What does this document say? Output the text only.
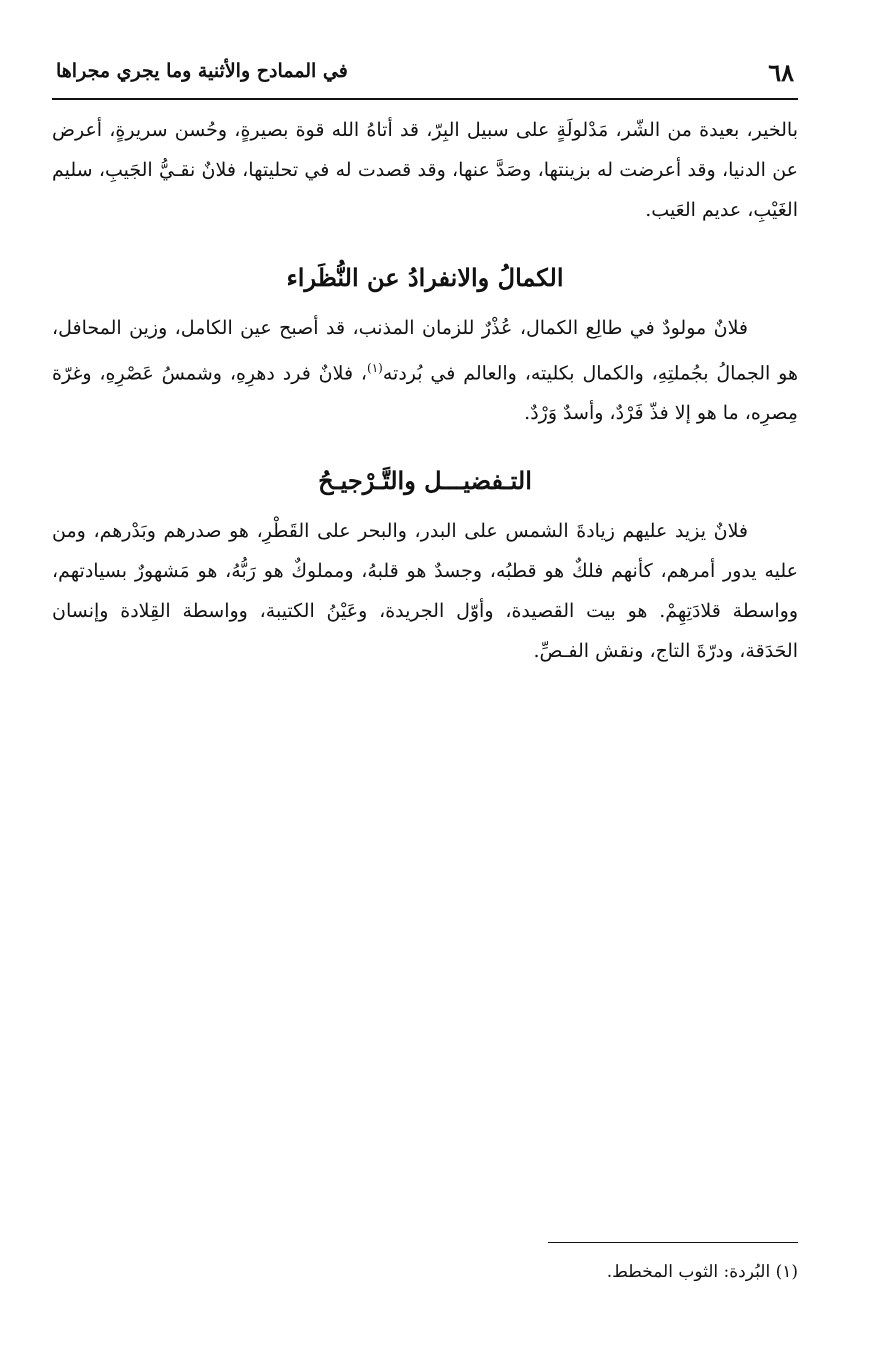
٦٨
في الممادح والأثنية وما يجري مجراها

بالخير، بعيدة من الشّر، مَدْلولَةٍ على سبيل البِرّ، قد أتاهُ الله قوة بصيرةٍ، وحُسن سريرةٍ، أعرض عن الدنيا، وقد أعرضت له بزينتها، وصَدَّ عنها، وقد قصدت له في تحليتها، فلانٌ نقـيُّ الجَيبِ، سليم الغَيْبِ، عديم العَيب.

الكمالُ والانفرادُ عن النُّظَراء

فلانٌ مولودٌ في طالِع الكمال، عُذْرٌ للزمان المذنب، قد أصبح عين الكامل، وزين المحافل، هو الجمالُ بجُملتِهِ، والكمال بكليته، والعالم في بُردته$^{(١)}$، فلانٌ فرد دهرِهِ، وشمسُ عَصْرِهِ، وغرّة مِصرِه، ما هو إلا فذّ فَرْدٌ، وأسدٌ وَرْدٌ.

التـفضيـــل والتَّـرْجيـحُ

فلانٌ يزيد عليهم زيادةَ الشمس على البدر، والبحر على القَطْرِ، هو صدرهم وبَدْرهم، ومن عليه يدور أمرهم، كأنهم فلكٌ هو قطبُه، وجسدٌ هو قلبهُ، ومملوكٌ هو رَبُّهُ، هو مَشهورٌ بسيادتهم، وواسطة قلادَتِهِمْ. هو بيت القصيدة، وأوّل الجريدة، وعَيْنُ الكتيبة، وواسطة القِلادة وإنسان الحَدَقة، ودرّةَ التاج، ونقش الفـصِّ.

(١) البُردة: الثوب المخطط.
